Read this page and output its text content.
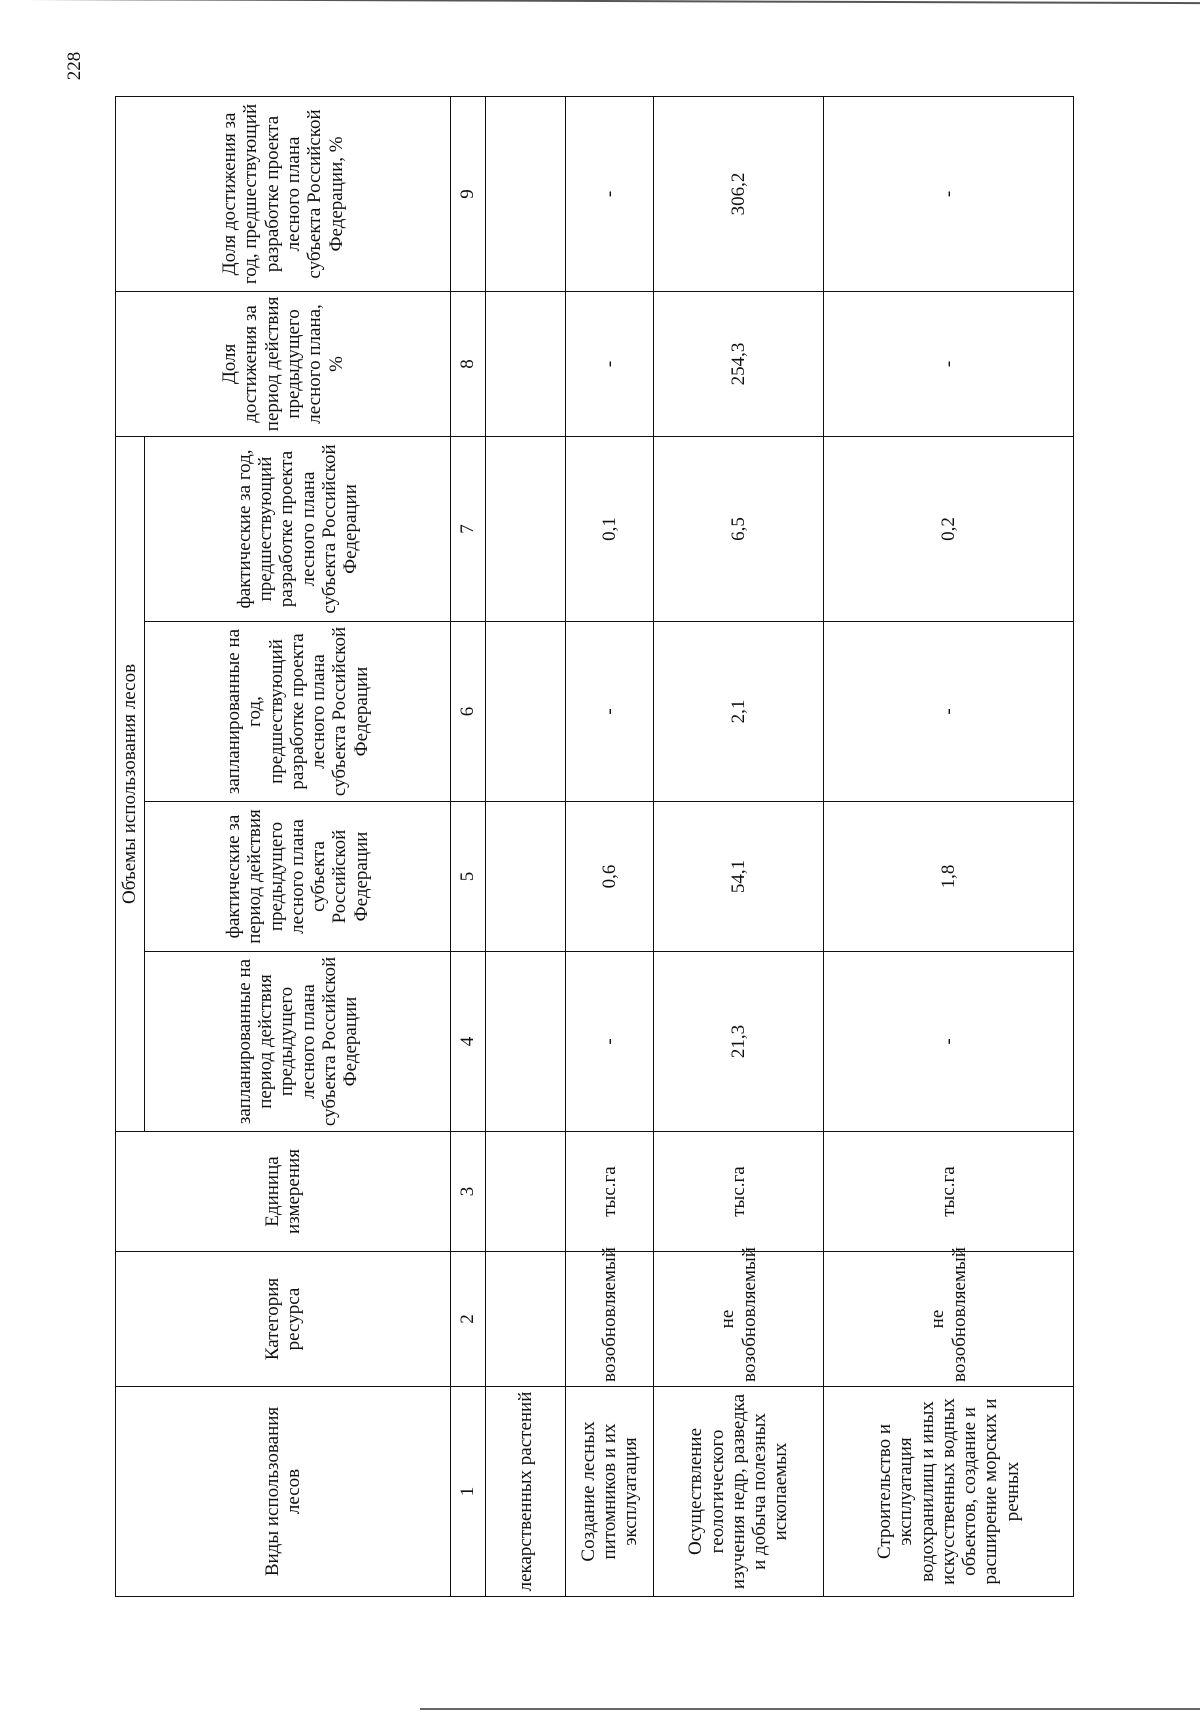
228
Виды использования лесов	Категория ресурса	Единица измерения	Объемы использования лесов				Доля достижения за период действия предыдущего лесного плана, %	Доля достижения за год, предшествующий разработке проекта лесного плана субъекта Российской Федерации, %
			запланированные на период действия предыдущего лесного плана субъекта Российской Федерации	фактические за период действия предыдущего лесного плана субъекта Российской Федерации	запланированные на год, предшествующий разработке проекта лесного плана субъекта Российской Федерации	фактические за год, предшествующий разработке проекта лесного плана субъекта Российской Федерации		
1	2	3	4	5	6	7	8	9
лекарственных растений								
Создание лесных питомников и их эксплуатация	возобновляемый	тыс.га	-	0,6	-	0,1	-	-
Осуществление геологического изучения недр, разведка и добыча полезных ископаемых	не возобновляемый	тыс.га	21,3	54,1	2,1	6,5	254,3	306,2
Строительство и эксплуатация водохранилищ и иных искусственных водных объектов, создание и расширение морских и речных	не возобновляемый	тыс.га	-	1,8	-	0,2	-	-
